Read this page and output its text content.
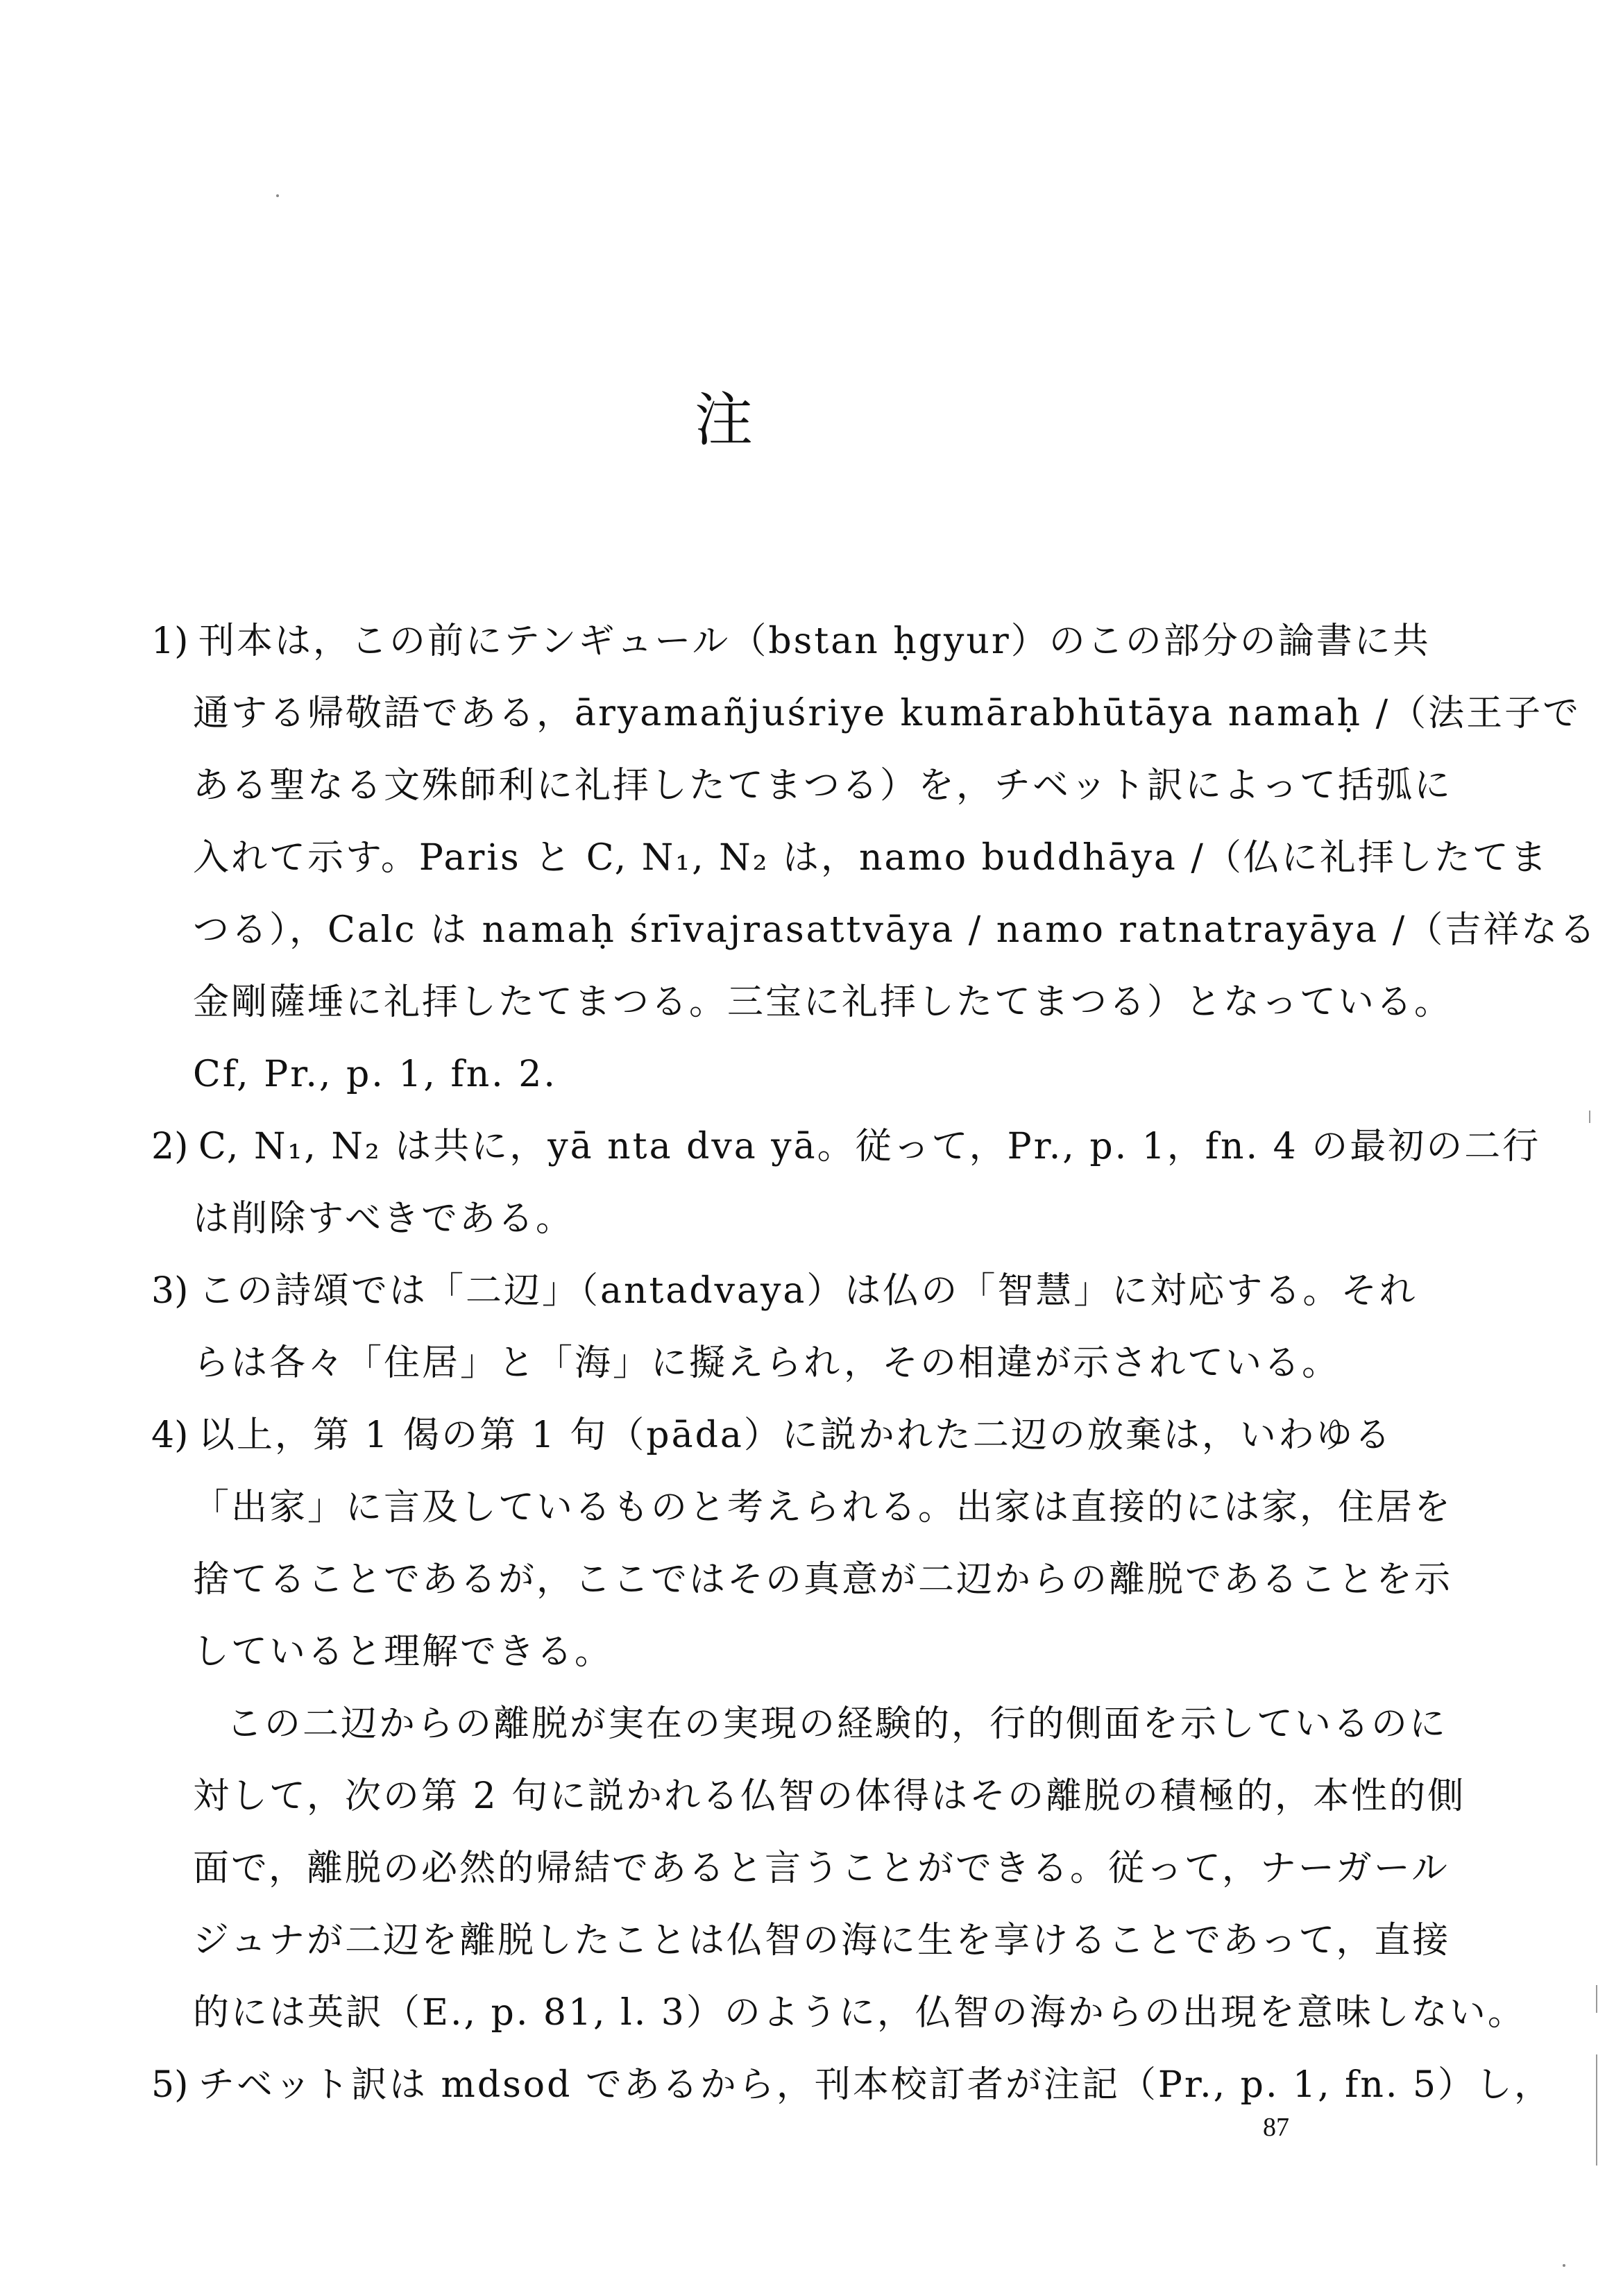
注
1) 刊本は，この前にテンギュール（bstan ḥgyur）のこの部分の論書に共
通する帰敬語である，āryamañjuśriye kumārabhūtāya namaḥ /（法王子で
ある聖なる文殊師利に礼拝したてまつる）を，チベット訳によって括弧に
入れて示す。Paris と C, N₁, N₂ は，namo buddhāya /（仏に礼拝したてま
つる），Calc は namaḥ śrīvajrasattvāya / namo ratnatrayāya /（吉祥なる
金剛薩埵に礼拝したてまつる。三宝に礼拝したてまつる）となっている。
Cf, Pr., p. 1, fn. 2.
2) C, N₁, N₂ は共に，yā nta dva yā。従って，Pr., p. 1，fn. 4 の最初の二行
は削除すべきである。
3) この詩頌では「二辺」（antadvaya）は仏の「智慧」に対応する。それ
らは各々「住居」と「海」に擬えられ，その相違が示されている。
4) 以上，第 1 偈の第 1 句（pāda）に説かれた二辺の放棄は，いわゆる
「出家」に言及しているものと考えられる。出家は直接的には家，住居を
捨てることであるが，ここではその真意が二辺からの離脱であることを示
していると理解できる。
この二辺からの離脱が実在の実現の経験的，行的側面を示しているのに
対して，次の第 2 句に説かれる仏智の体得はその離脱の積極的，本性的側
面で，離脱の必然的帰結であると言うことができる。従って，ナーガール
ジュナが二辺を離脱したことは仏智の海に生を享けることであって，直接
的には英訳（E., p. 81, l. 3）のように，仏智の海からの出現を意味しない。
5) チベット訳は mdsod であるから，刊本校訂者が注記（Pr., p. 1, fn. 5）し，
87
